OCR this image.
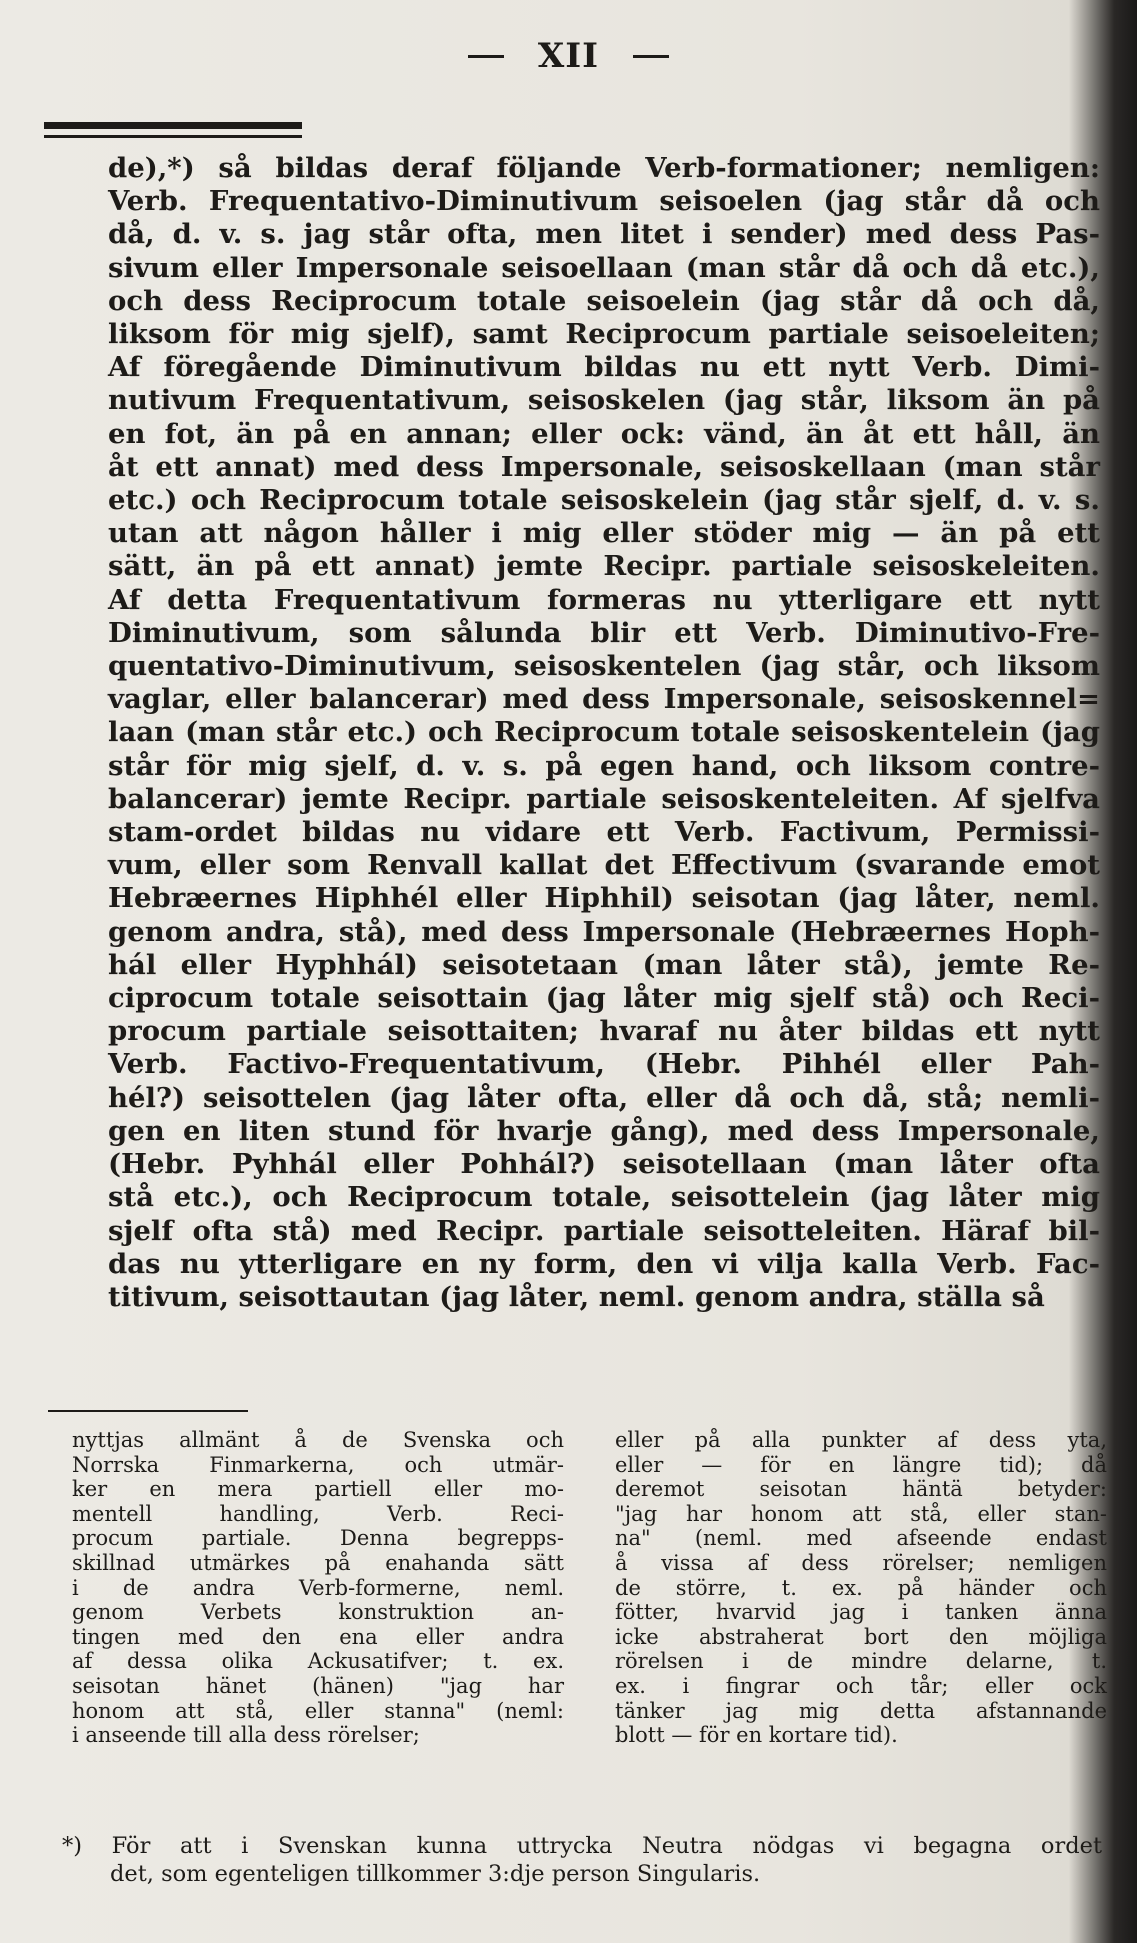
XII
de),*) så bildas deraf följande Verb-formationer; nemligen:
Verb. Frequentativo-Diminutivum seisoelen (jag står då och
då, d. v. s. jag står ofta, men litet i sender) med dess Pas-
sivum eller Impersonale seisoellaan (man står då och då etc.),
och dess Reciprocum totale seisoelein (jag står då och då,
liksom för mig sjelf), samt Reciprocum partiale seisoeleiten;
Af föregående Diminutivum bildas nu ett nytt Verb. Dimi-
nutivum Frequentativum, seisoskelen (jag står, liksom än på
en fot, än på en annan; eller ock: vänd, än åt ett håll, än
åt ett annat) med dess Impersonale, seisoskellaan (man står
etc.) och Reciprocum totale seisoskelein (jag står sjelf, d. v. s.
utan att någon håller i mig eller stöder mig — än på ett
sätt, än på ett annat) jemte Recipr. partiale seisoskeleiten.
Af detta Frequentativum formeras nu ytterligare ett nytt
Diminutivum, som sålunda blir ett Verb. Diminutivo-Fre-
quentativo-Diminutivum, seisoskentelen (jag står, och liksom
vaglar, eller balancerar) med dess Impersonale, seisoskennel=
laan (man står etc.) och Reciprocum totale seisoskentelein (jag
står för mig sjelf, d. v. s. på egen hand, och liksom contre-
balancerar) jemte Recipr. partiale seisoskenteleiten. Af sjelfva
stam-ordet bildas nu vidare ett Verb. Factivum, Permissi-
vum, eller som Renvall kallat det Effectivum (svarande emot
Hebræernes Hiphhél eller Hiphhil) seisotan (jag låter, neml.
genom andra, stå), med dess Impersonale (Hebræernes Hoph-
hál eller Hyphhál) seisotetaan (man låter stå), jemte Re-
ciprocum totale seisottain (jag låter mig sjelf stå) och Reci-
procum partiale seisottaiten; hvaraf nu åter bildas ett nytt
Verb. Factivo-Frequentativum, (Hebr. Pihhél eller Pah-
hél?) seisottelen (jag låter ofta, eller då och då, stå; nemli-
gen en liten stund för hvarje gång), med dess Impersonale,
(Hebr. Pyhhál eller Pohhál?) seisotellaan (man låter ofta
stå etc.), och Reciprocum totale, seisottelein (jag låter mig
sjelf ofta stå) med Recipr. partiale seisotteleiten. Häraf bil-
das nu ytterligare en ny form, den vi vilja kalla Verb. Fac-
titivum, seisottautan (jag låter, neml. genom andra, ställa så
nyttjas allmänt å de Svenska och
Norrska Finmarkerna, och utmär-
ker en mera partiell eller mo-
mentell handling, Verb. Reci-
procum partiale. Denna begrepps-
skillnad utmärkes på enahanda sätt
i de andra Verb-formerne, neml.
genom Verbets konstruktion an-
tingen med den ena eller andra
af dessa olika Ackusatifver; t. ex.
seisotan hänet (hänen) "jag har
honom att stå, eller stanna" (neml:
i anseende till alla dess rörelser;
eller på alla punkter af dess yta,
eller — för en längre tid); då
deremot seisotan häntä betyder:
"jag har honom att stå, eller stan-
na" (neml. med afseende endast
å vissa af dess rörelser; nemligen
de större, t. ex. på händer och
fötter, hvarvid jag i tanken änna
icke abstraherat bort den möjliga
rörelsen i de mindre delarne, t.
ex. i fingrar och tår; eller ock
tänker jag mig detta afstannande
blott — för en kortare tid).
*) För att i Svenskan kunna uttrycka Neutra nödgas vi begagna ordet
det, som egenteligen tillkommer 3:dje person Singularis.
